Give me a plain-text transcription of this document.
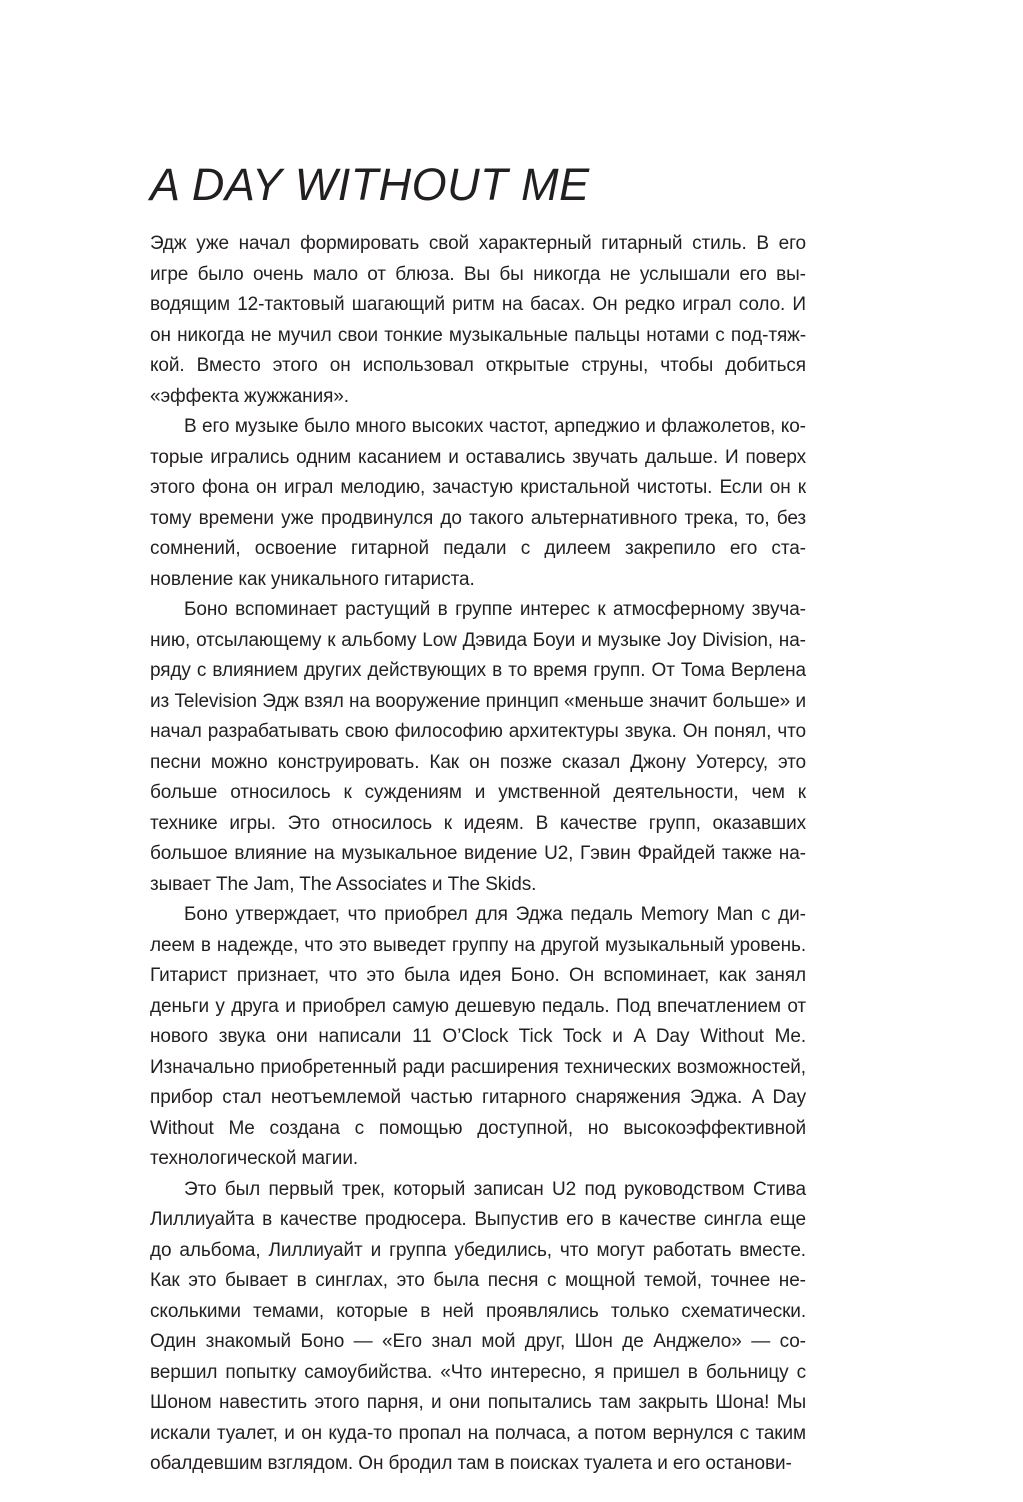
A DAY WITHOUT ME

Эдж уже начал формировать свой характерный гитарный стиль. В его игре было очень мало от блюза. Вы бы никогда не услышали его выводящим 12-тактовый шагающий ритм на басах. Он редко играл соло. И он никогда не мучил свои тонкие музыкальные пальцы нотами с под-тяж-кой. Вместо этого он использовал открытые струны, чтобы добиться «эффекта жужжания».

В его музыке было много высоких частот, арпеджио и флажолетов, которые игрались одним касанием и оставались звучать дальше. И поверх этого фона он играл мелодию, зачастую кристальной чистоты. Если он к тому времени уже продвинулся до такого альтернативного трека, то, без сомнений, освоение гитарной педали с дилеем закрепило его становление как уникального гитариста.

Боно вспоминает растущий в группе интерес к атмосферному звучанию, отсылающему к альбому Low Дэвида Боуи и музыке Joy Division, наряду с влиянием других действующих в то время групп. От Тома Верлена из Television Эдж взял на вооружение принцип «меньше значит больше» и начал разрабатывать свою философию архитектуры звука. Он понял, что песни можно конструировать. Как он позже сказал Джону Уотерсу, это больше относилось к суждениям и умственной деятельности, чем к технике игры. Это относилось к идеям. В качестве групп, оказавших большое влияние на музыкальное видение U2, Гэвин Фрайдей также называет The Jam, The Associates и The Skids.

Боно утверждает, что приобрел для Эджа педаль Memory Man с дилеем в надежде, что это выведет группу на другой музыкальный уровень. Гитарист признает, что это была идея Боно. Он вспоминает, как занял деньги у друга и приобрел самую дешевую педаль. Под впечатлением от нового звука они написали 11 O’Clock Tick Tock и A Day Without Me. Изначально приобретенный ради расширения технических возможностей, прибор стал неотъемлемой частью гитарного снаряжения Эджа. A Day Without Me создана с помощью доступной, но высокоэффективной технологической магии.

Это был первый трек, который записан U2 под руководством Стива Лиллиуайта в качестве продюсера. Выпустив его в качестве сингла еще до альбома, Лиллиуайт и группа убедились, что могут работать вместе. Как это бывает в синглах, это была песня с мощной темой, точнее несколькими темами, которые в ней проявлялись только схематически. Один знакомый Боно — «Его знал мой друг, Шон де Анджело» — совершил попытку самоубийства. «Что интересно, я пришел в больницу с Шоном навестить этого парня, и они попытались там закрыть Шона! Мы искали туалет, и он куда-то пропал на полчаса, а потом вернулся с таким обалдевшим взглядом. Он бродил там в поисках туалета и его останови-
